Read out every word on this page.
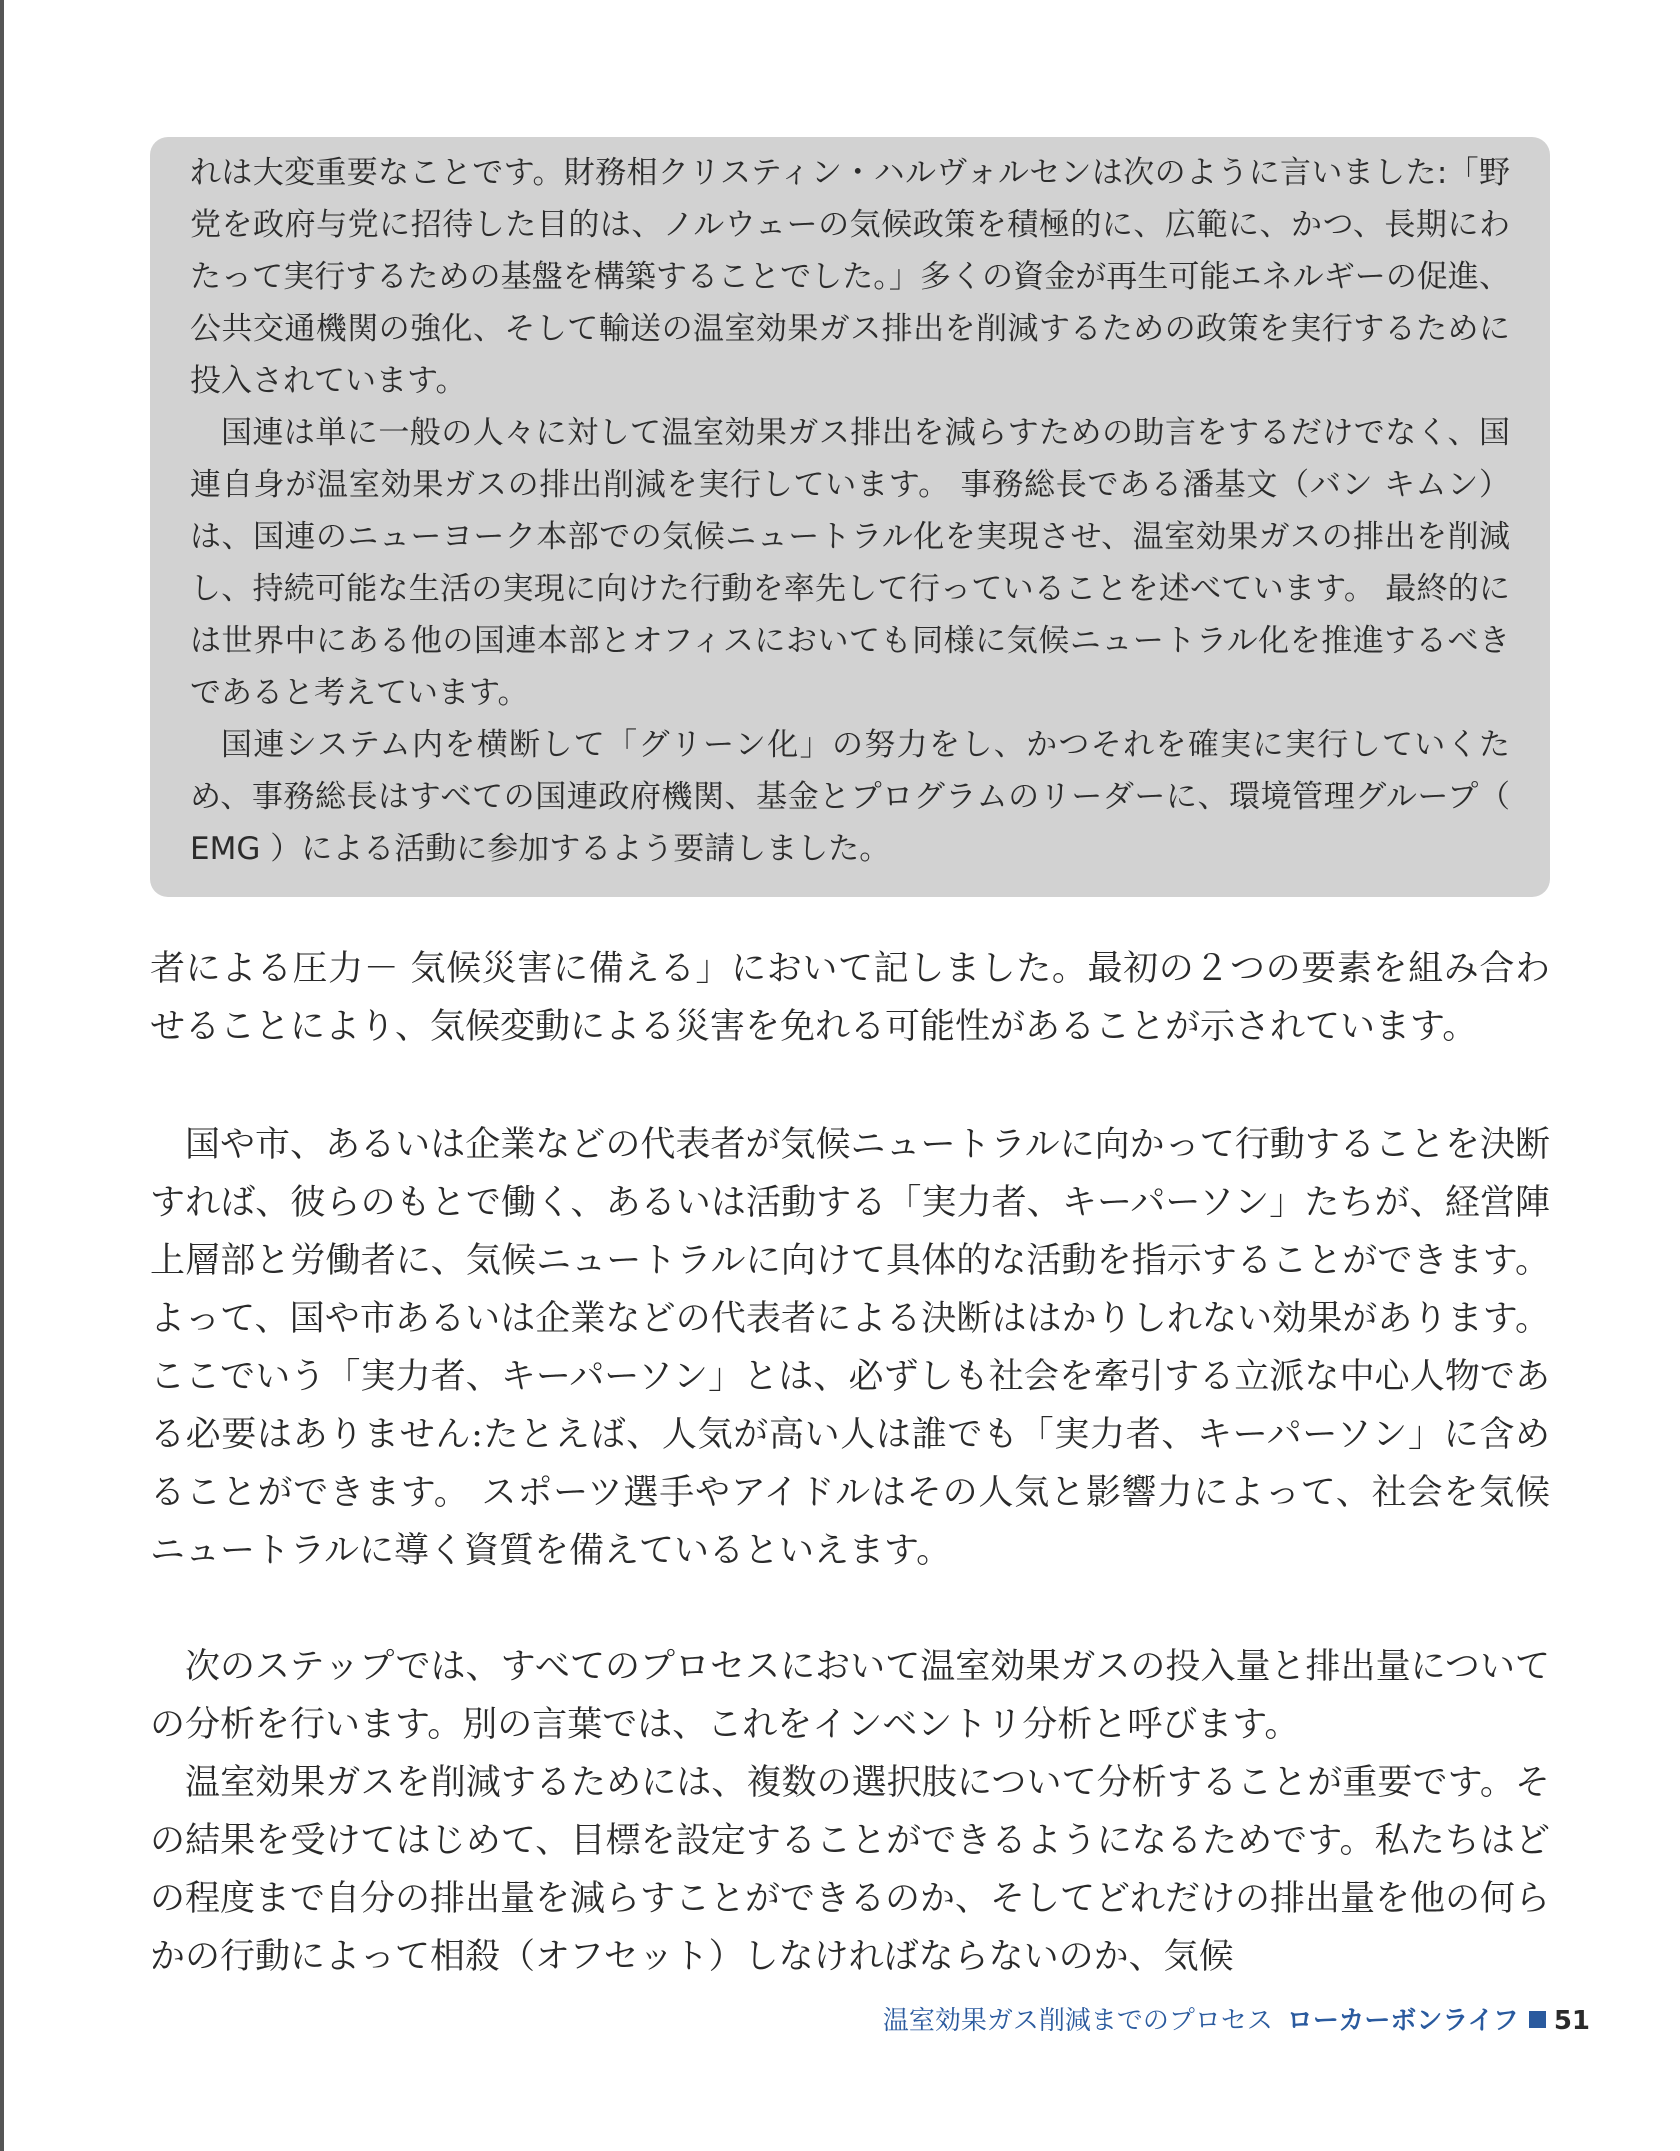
れは大変重要なことです。財務相クリスティン・ハルヴォルセンは次のように言いました:「野党を政府与党に招待した目的は、ノルウェーの気候政策を積極的に、広範に、かつ、長期にわたって実行するための基盤を構築することでした。」多くの資金が再生可能エネルギーの促進、公共交通機関の強化、そして輸送の温室効果ガス排出を削減するための政策を実行するために投入されています。

国連は単に一般の人々に対して温室効果ガス排出を減らすための助言をするだけでなく、国連自身が温室効果ガスの排出削減を実行しています。 事務総長である潘基文（バン キムン）は、国連のニューヨーク本部での気候ニュートラル化を実現させ、温室効果ガスの排出を削減し、持続可能な生活の実現に向けた行動を率先して行っていることを述べています。 最終的には世界中にある他の国連本部とオフィスにおいても同様に気候ニュートラル化を推進するべきであると考えています。

国連システム内を横断して「グリーン化」の努力をし、かつそれを確実に実行していくため、事務総長はすべての国連政府機関、基金とプログラムのリーダーに、環境管理グループ（ EMG ）による活動に参加するよう要請しました。

者による圧力－ 気候災害に備える」において記しました。最初の２つの要素を組み合わせることにより、気候変動による災害を免れる可能性があることが示されています。

国や市、あるいは企業などの代表者が気候ニュートラルに向かって行動することを決断すれば、彼らのもとで働く、あるいは活動する「実力者、キーパーソン」たちが、経営陣上層部と労働者に、気候ニュートラルに向けて具体的な活動を指示することができます。よって、国や市あるいは企業などの代表者による決断ははかりしれない効果があります。ここでいう「実力者、キーパーソン」とは、必ずしも社会を牽引する立派な中心人物である必要はありません:たとえば、人気が高い人は誰でも「実力者、キーパーソン」に含めることができます。 スポーツ選手やアイドルはその人気と影響力によって、社会を気候ニュートラルに導く資質を備えているといえます。

次のステップでは、すべてのプロセスにおいて温室効果ガスの投入量と排出量についての分析を行います。別の言葉では、これをインベントリ分析と呼びます。

温室効果ガスを削減するためには、複数の選択肢について分析することが重要です。その結果を受けてはじめて、目標を設定することができるようになるためです。私たちはどの程度まで自分の排出量を減らすことができるのか、そしてどれだけの排出量を他の何らかの行動によって相殺（オフセット）しなければならないのか、気候

温室効果ガス削減までのプロセス ローカーボンライフ 51
